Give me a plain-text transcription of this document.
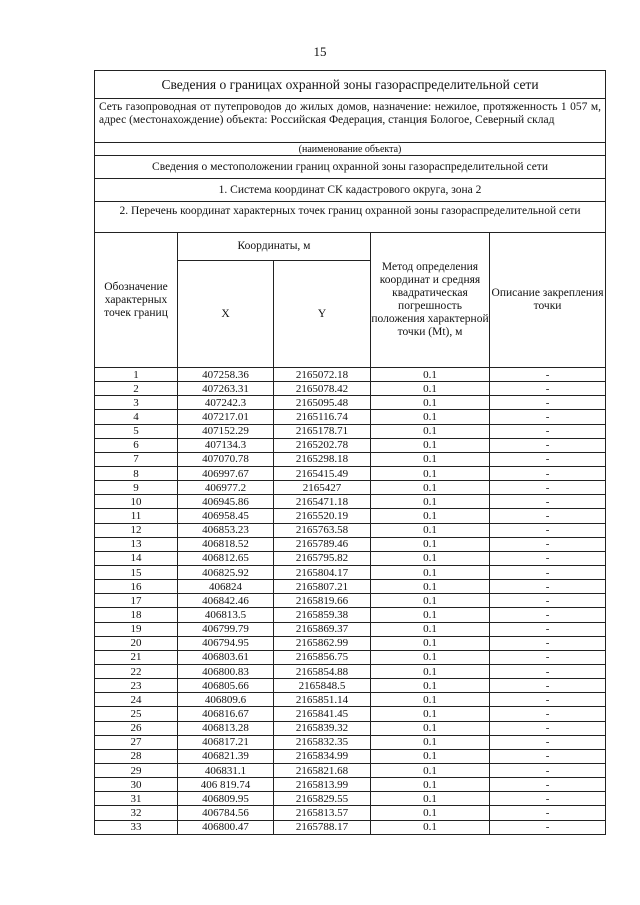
15
Сведения о границах охранной зоны газораспределительной сети				
Сеть газопроводная от путепроводов до жилых домов, назначение: нежилое, протяженность 1 057 м, адрес (местонахождение) объекта: Российская Федерация, станция Бологое, Северный склад				
(наименование объекта)				
Сведения о местоположении границ охранной зоны газораспределительной сети				
1. Система координат СК кадастрового округа, зона 2				
2. Перечень координат характерных точек границ охранной зоны газораспределительной сети				
Обозначение характерных точек границ	Координаты, м		Метод определения координат и средняя квадратическая погрешность положения характерной точки (Mt), м	Описание закрепления точки
	X	Y		
1	407258.36	2165072.18	0.1	-
2	407263.31	2165078.42	0.1	-
3	407242.3	2165095.48	0.1	-
4	407217.01	2165116.74	0.1	-
5	407152.29	2165178.71	0.1	-
6	407134.3	2165202.78	0.1	-
7	407070.78	2165298.18	0.1	-
8	406997.67	2165415.49	0.1	-
9	406977.2	2165427	0.1	-
10	406945.86	2165471.18	0.1	-
11	406958.45	2165520.19	0.1	-
12	406853.23	2165763.58	0.1	-
13	406818.52	2165789.46	0.1	-
14	406812.65	2165795.82	0.1	-
15	406825.92	2165804.17	0.1	-
16	406824	2165807.21	0.1	-
17	406842.46	2165819.66	0.1	-
18	406813.5	2165859.38	0.1	-
19	406799.79	2165869.37	0.1	-
20	406794.95	2165862.99	0.1	-
21	406803.61	2165856.75	0.1	-
22	406800.83	2165854.88	0.1	-
23	406805.66	2165848.5	0.1	-
24	406809.6	2165851.14	0.1	-
25	406816.67	2165841.45	0.1	-
26	406813.28	2165839.32	0.1	-
27	406817.21	2165832.35	0.1	-
28	406821.39	2165834.99	0.1	-
29	406831.1	2165821.68	0.1	-
30	406 819.74	2165813.99	0.1	-
31	406809.95	2165829.55	0.1	-
32	406784.56	2165813.57	0.1	-
33	406800.47	2165788.17	0.1	-
